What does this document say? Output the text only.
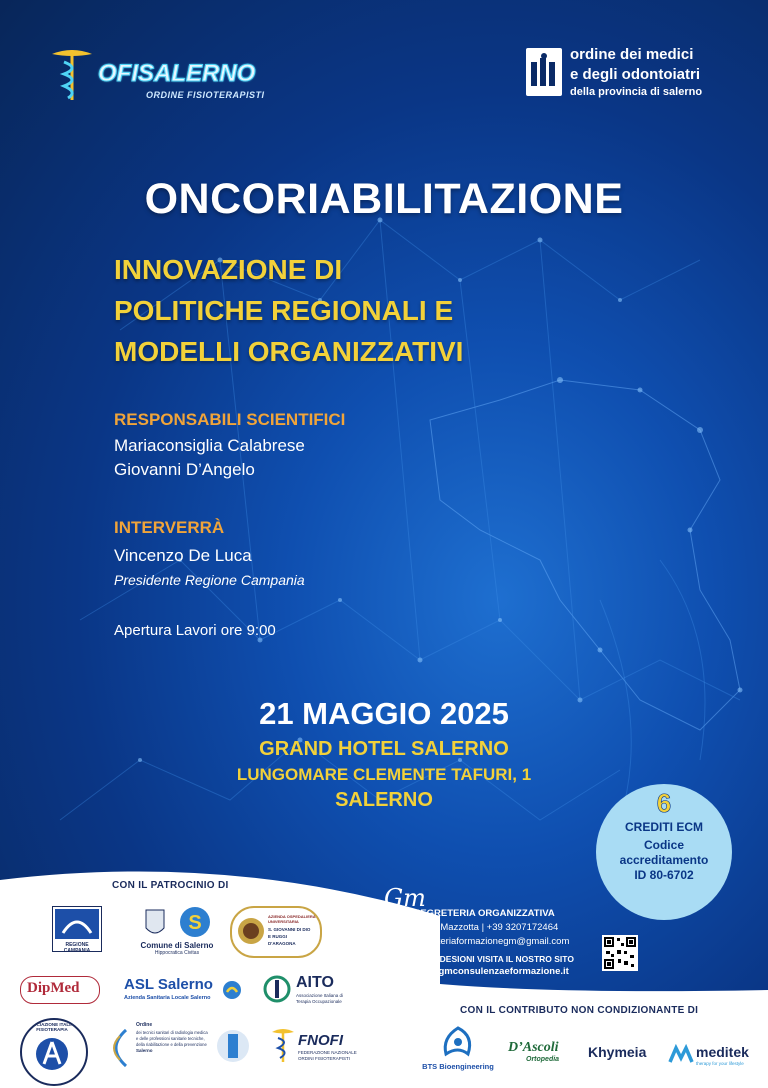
OFISALERNO
ORDINE FISIOTERAPISTI
ordine dei medici
e degli odontoiatri
della provincia di salerno
ONCORIABILITAZIONE
INNOVAZIONE DI
POLITICHE REGIONALI E
MODELLI ORGANIZZATIVI
RESPONSABILI SCIENTIFICI
Mariaconsiglia Calabrese
Giovanni D’Angelo
INTERVERRÀ
Vincenzo De Luca
Presidente Regione Campania
Apertura Lavori ore 9:00
21 MAGGIO 2025
GRAND HOTEL SALERNO
LUNGOMARE CLEMENTE TAFURI, 1
SALERNO	6
CREDITI ECM
Codice
accreditamento
ID 80-6702
CON IL PATROCINIO DI
REGIONE CAMPANIA
S
Comune di Salerno
Hippocratica Civitas
AZIENDA OSPEDALIERA UNIVERSITARIA
S. GIOVANNI DI DIO
E RUGGI
D'ARAGONA
DipMed	ASL Salerno
Azienda Sanitaria Locale Salerno
AITO
Associazione Italiana di
Terapia Occupazionale
ASSOCIAZIONE ITALIANA FISIOTERAPIA
Ordine
dei tecnici sanitari di radiologia medica
e delle professioni sanitarie tecniche,
della riabilitazione e della prevenzione
Salerno
FNOFI
FEDERAZIONE NAZIONALE
ORDINI FISIOTERAPISTI
Gm
SEGRETERIA ORGANIZZATIVA
Imma Mazzotta | +39 3207172464
segreteriaformazionegm@gmail.com
PER ADESIONI VISITA IL NOSTRO SITO
www.gmconsulenzaeformazione.it
CON IL CONTRIBUTO NON CONDIZIONANTE DI
BTS Bioengineering
D’Ascoli
Ortopedia Khymeia	meditek
therapy for your lifestyle
